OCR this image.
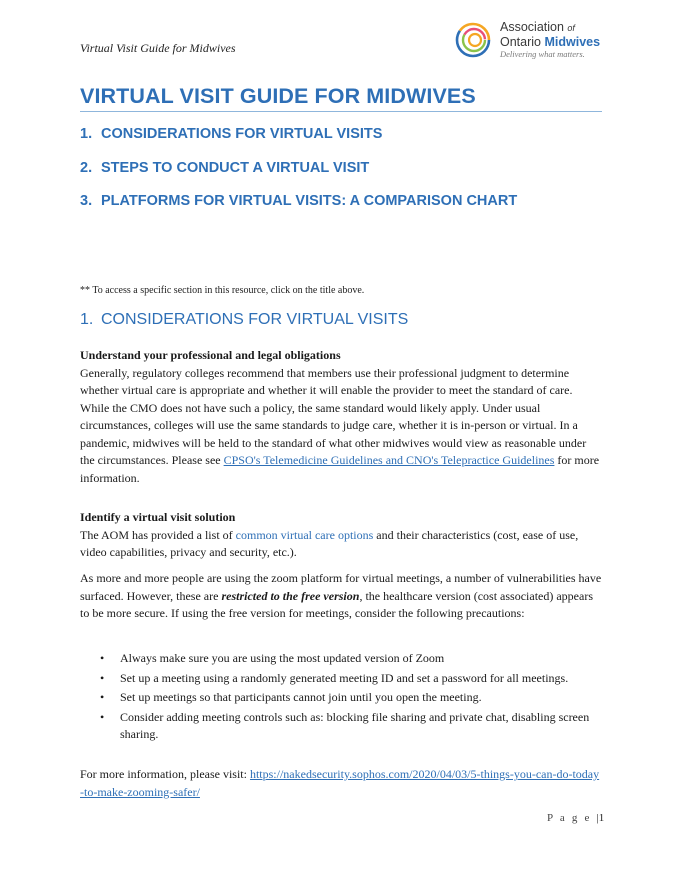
Virtual Visit Guide for Midwives
Association of
Ontario Midwives
Delivering what matters.
VIRTUAL VISIT GUIDE FOR MIDWIVES
1. CONSIDERATIONS FOR VIRTUAL VISITS
2. STEPS TO CONDUCT A VIRTUAL VISIT
3. PLATFORMS FOR VIRTUAL VISITS: A COMPARISON CHART
** To access a specific section in this resource, click on the title above.
1. CONSIDERATIONS FOR VIRTUAL VISITS
Understand your professional and legal obligations
Generally, regulatory colleges recommend that members use their professional judgment to determine whether virtual care is appropriate and whether it will enable the provider to meet the standard of care. While the CMO does not have such a policy, the same standard would likely apply. Under usual circumstances, colleges will use the same standards to judge care, whether it is in-person or virtual. In a pandemic, midwives will be held to the standard of what other midwives would view as reasonable under the circumstances. Please see CPSO's Telemedicine Guidelines and CNO's Telepractice Guidelines for more information.
Identify a virtual visit solution
The AOM has provided a list of common virtual care options and their characteristics (cost, ease of use, video capabilities, privacy and security, etc.).
As more and more people are using the zoom platform for virtual meetings, a number of vulnerabilities have surfaced. However, these are restricted to the free version, the healthcare version (cost associated) appears to be more secure. If using the free version for meetings, consider the following precautions:
• Always make sure you are using the most updated version of Zoom
• Set up a meeting using a randomly generated meeting ID and set a password for all meetings.
• Set up meetings so that participants cannot join until you open the meeting.
• Consider adding meeting controls such as: blocking file sharing and private chat, disabling screen sharing.
For more information, please visit: https://nakedsecurity.sophos.com/2020/04/03/5-things-you-can-do-today-to-make-zooming-safer/
P a g e |1
